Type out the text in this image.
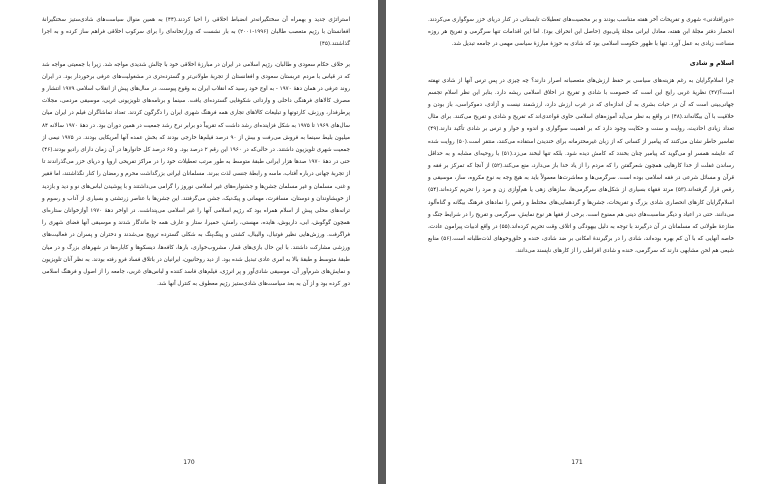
استراتژی جدید و بهمراه آن سختگیرانه‌تر انضباط اخلاقی را احیا کردند.(۴۴) به همین منوال سیاست‌های شادی‌ستیز سختگیرانهٔ افغانستان با رژیم متعصب طالبان (۱۹۹۶-۲۰۰۱) به بار نشست که وزارتخانه‌ای را برای سرکوب اخلاقی فراهم ساز کرده و به اجرا گذاشتند.(۴۵)

بر خلاف حکام سعودی و طالبان، رژیم اسلامی در ایران در مبارزهٔ اخلاقی خود با چالش شدیدی مواجه شد. زیرا با جمعیتی مواجه شد که در قیاس با مردم عربستان سعودی و افغانستان از تجربهٔ طولانی‌تر و گسترده‌تری در مشغولیت‌های عرفی برخوردار بود. در ایران روند عرفی در همان دههٔ ۱۹۷۰ - به اوج خود رسید که انقلاب ایران به وقوع پیوست. در سال‌های پیش از انقلاب اسلامی ۱۹۷۹ انتشار و مصرف کالاهای فرهنگی داخلی و وارداتی شکوفایی گسترده‌ای یافت. سینما و برنامه‌های تلویزیونی غربی، موسیقی مردمی، مجلات پرطرفدار، ورزش، کارتونها و تبلیغات کالاهای تجاری همه فرهنگ شهری ایران را دگرگون کردند. تعداد تماشاگران فیلم در ایران میان سال‌های ۱۹۶۹ تا ۱۹۷۵ به شکل فزاینده‌ای رشد داشت که تقریباً دو برابر نرخ رشد جمعیت در همین دوران بود. در دههٔ ۱۹۷۰ سالانه ۸۴ میلیون بلیط سینما به فروش می‌رفت و بیش از ۹۰ درصد فیلم‌ها خارجی بودند که بخش عمده آنها آمریکایی بودند. در ۱۹۷۵ نیمی از جمعیت شهری تلویزیون داشتند. در حالی‌که در ۱۹۶۰ این رقم ۲ درصد بود. و ۶۵ درصد کل خانوارها در آن زمان دارای رادیو بودند.(۴۶) حتی در دههٔ ۱۹۷۰ صدها هزار ایرانی طبقهٔ متوسط به طور مرتب تعطیلات خود را در مراکز تفریحی اروپا و دریای خزر می‌گذراندند تا از تجربهٔ جهانی درباره آفتاب، ماسه و رابطهٔ جنسی لذت ببرند. مسلمانان ایرانی بزرگداشت محرم و رمضان را کنار نگذاشتند، اما فقیر و غنی، مسلمان و غیر مسلمان جشن‌ها و جشنواره‌های غیر اسلامی نوروز را گرامی می‌داشتند و با پوشیدن لباس‌های نو و دید و بازدید از خویشاوندان و دوستان، مسافرت، مهمانی و پیک‌نیک، جشن می‌گرفتند. این جشن‌ها با عناصر زرتشتی و بسیاری از آداب و رسوم و ترانه‌های محلی پیش از اسلام همراه بود که رژیم اسلامی آنها را غیر اسلامی می‌پنداشت. در اواخر دههٔ ۱۹۷۰ آوازخوانان ستاره‌ای همچون گوگوش، ابی، داریوش، هایده، مهستی، رامش، حمیرا، ستار و عارف همه جا ماندگار شدند و موسیقی آنها فضای شهری را فراگرفت. ورزش‌هایی نظیر فوتبال، والیبال، کشتی و پینگ‌پنگ به شکلی گسترده ترویج می‌شدند و دختران و پسران در فعالیت‌های ورزشی مشارکت داشتند. با این حال بازی‌های قمار، مشروب‌خواری، بارها، کافه‌ها، دیسکوها و کاباره‌ها در شهرهای بزرگ و در میان طبقهٔ متوسط و طبقهٔ بالا به امری عادی تبدیل شده بود. از دید روحانیون، ایرانیان در باتلاق فساد فرو رفته بودند. به نظر آنان تلویزیون و نمایش‌های شرم‌آور آن، موسیقی شادی‌آور و پر انرژی، فیلم‌های فاسد کننده و لباس‌های غربی، جامعه را از اصول و فرهنگ اسلامی دور کرده بود و از آن به بعد سیاست‌های شادی‌ستیز رژیم معطوف به کنترل آنها شد.

170

«دورافتادنی» شهری و تفریحات آخر هفته متناسب بودند و بر محصیت‌های تعطیلات تابستانی در کنار دریای خزر سوگواری می‌کردند. انحصار دفتر مجلهٔ ابن هفته، معادل ایرانی مجلهٔ پلی‌بوی (حاصل این انحراف بود). اما این اقدامات تنها سرگرمی و تفریح هر روزه مساعت زیادی به عمل آورد. تنها با ظهور حکومت اسلامی بود که شادی به حوزهٔ مبارزهٔ سیاسی مهمی در جامعه تبدیل شد.

اسلام و شادی

چرا اسلام‌گرایان به رغم هزینه‌های سیاسی بر حفظ ارزش‌های متعصبانه اصرار دارند؟ چه چیزی در پس ترس آنها از شادی نهفته است؟(۴۷) نظریهٔ غربی رایج این است که خصومت با شادی و تفریح در اخلاق اسلامی ریشه دارد. بنابر این نظر اسلام تجسم جهانی‌بینی است که آن در حیات بشری به آن اندازه‌ای که در غرب ارزش دارد، ارزشمند نیست و آزادی، دموکراسی، باز بودن و خلاقیت با آن بیگانه‌اند.(۴۸) در واقع به نظر می‌آید آموزه‌های اسلامی حاوی قواعدی‌اند که تفریح و شادی و تفریح می‌کنند. برای مثال تعداد زیادی احادیث، روایت و سنت و حکایت وجود دارد که بر اهمیت سوگواری و اندوه و خوار و ترس بر شادی تأکید دارند.(۴۹) تفاسیر خاطر نشان می‌کنند که پیامبر از کسانی که از زبان غیرمحترمانه برای خندیدن استفاده می‌کنند، منتفر است.(۵۰) روایت شده که عایشه همسر او می‌گوید که پیامبر چنان بخندد که کامش دیده شود. بلکه تنها لبخند می‌زد.(۵۱) با روحیه‌ای مشابه و به حداقل رساندن غفلت از خدا کارهایی همچون شعرگفتن را که مردم را از یاد خدا باز می‌دارد، منع می‌کند.(۵۲) از آنجا که تمرکز بر فقه و قرآن و مسائل شرعی در فقه اسلامی بوده است. سرگرمی‌ها و معاشرت‌ها معمولاً باید به هیچ وجه به نوع مکروه، ساز، موسیقی و رقص قرار گرفته‌اند.(۵۳) مرتد فقهاء بسیاری از شکل‌های سرگرمی‌ها، سازهای زهی یا هم‌آوازی زن و مرد را تحریم کرده‌اند.(۵۴) اسلام‌گرایان کارهای انحصاری شادی بزرگ و تفریحات، جشن‌ها و گردهمایی‌های مختلط و رقص را نمادهای فرهنگ بیگانه و گناه‌آلود می‌دانند. حتی در اعیاد و دیگر مناسبت‌های دینی هم ممنوع است. برخی از فقها هر نوع نمایش، سرگرمی و تفریح را در شرایط جنگ و منازعهٔ طولانی که مسلمانان در آن درگیرند با توجه به دلیل بیهودگی و اتلاف وقت تحریم کرده‌اند.(۵۵) در واقع ادبیات پیرامون عادت، خاصه آنهایی که با آن کم بهره بوده‌اند، شادی را در برگیرندهٔ امکانی بر ضد شادی، خنده و خلق‌وخوهای لذت‌طلبانه است.(۵۶) منابع شیعی هم لحن مشابهی دارند که سرگرمی، خنده و شادی افراطی را از کارهای ناپسند می‌دانند.

171
